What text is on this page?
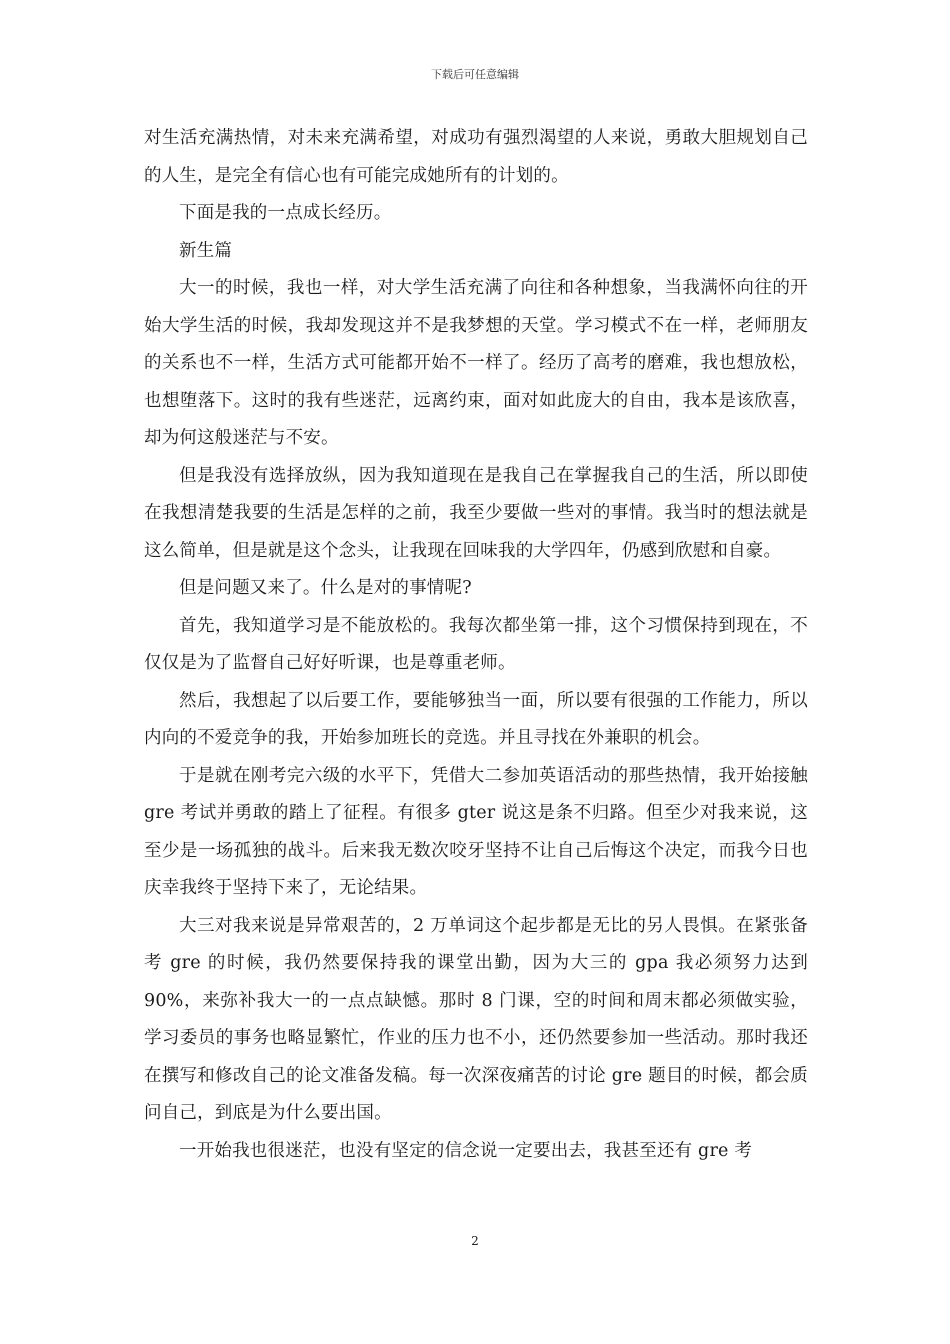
下载后可任意编辑

对生活充满热情，对未来充满希望，对成功有强烈渴望的人来说，勇敢大胆规划自己的人生，是完全有信心也有可能完成她所有的计划的。

下面是我的一点成长经历。

新生篇

大一的时候，我也一样，对大学生活充满了向往和各种想象，当我满怀向往的开始大学生活的时候，我却发现这并不是我梦想的天堂。学习模式不在一样，老师朋友的关系也不一样，生活方式可能都开始不一样了。经历了高考的磨难，我也想放松，也想堕落下。这时的我有些迷茫，远离约束，面对如此庞大的自由，我本是该欣喜，却为何这般迷茫与不安。

但是我没有选择放纵，因为我知道现在是我自己在掌握我自己的生活，所以即使在我想清楚我要的生活是怎样的之前，我至少要做一些对的事情。我当时的想法就是这么简单，但是就是这个念头，让我现在回味我的大学四年，仍感到欣慰和自豪。

但是问题又来了。什么是对的事情呢?

首先，我知道学习是不能放松的。我每次都坐第一排，这个习惯保持到现在，不仅仅是为了监督自己好好听课，也是尊重老师。

然后，我想起了以后要工作，要能够独当一面，所以要有很强的工作能力，所以内向的不爱竞争的我，开始参加班长的竞选。并且寻找在外兼职的机会。

于是就在刚考完六级的水平下，凭借大二参加英语活动的那些热情，我开始接触 gre 考试并勇敢的踏上了征程。有很多 gter 说这是条不归路。但至少对我来说，这至少是一场孤独的战斗。后来我无数次咬牙坚持不让自己后悔这个决定，而我今日也庆幸我终于坚持下来了，无论结果。

大三对我来说是异常艰苦的，2 万单词这个起步都是无比的另人畏惧。在紧张备考 gre 的时候，我仍然要保持我的课堂出勤，因为大三的 gpa 我必须努力达到 90%，来弥补我大一的一点点缺憾。那时 8 门课，空的时间和周末都必须做实验，学习委员的事务也略显繁忙，作业的压力也不小，还仍然要参加一些活动。那时我还在撰写和修改自己的论文准备发稿。每一次深夜痛苦的讨论 gre 题目的时候，都会质问自己，到底是为什么要出国。

一开始我也很迷茫，也没有坚定的信念说一定要出去，我甚至还有 gre 考

2
